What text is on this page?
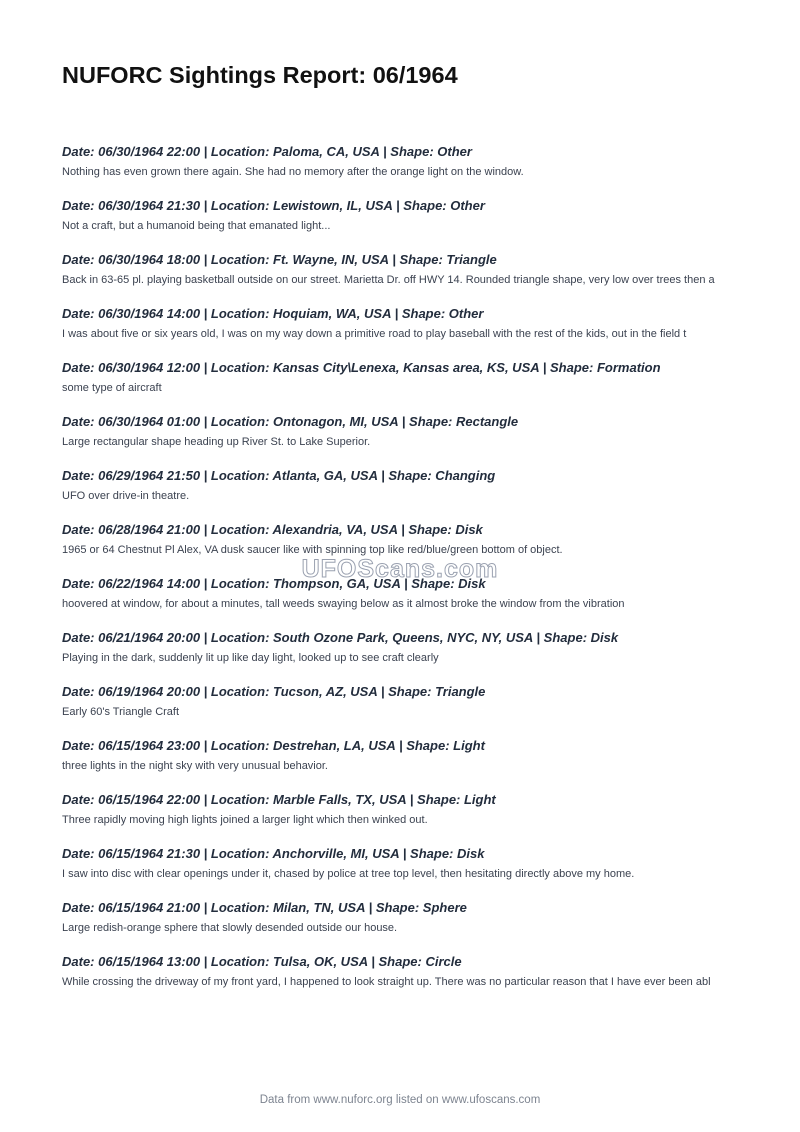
NUFORC Sightings Report: 06/1964
Date: 06/30/1964 22:00 | Location: Paloma, CA, USA | Shape: Other
Nothing has even grown there again. She had no memory after the orange light on the window.
Date: 06/30/1964 21:30 | Location: Lewistown, IL, USA | Shape: Other
Not a craft, but a humanoid being that emanated light...
Date: 06/30/1964 18:00 | Location: Ft. Wayne, IN, USA | Shape: Triangle
Back in 63-65 pl. playing basketball outside on our street. Marietta Dr. off HWY 14. Rounded triangle shape, very low over trees then a
Date: 06/30/1964 14:00 | Location: Hoquiam, WA, USA | Shape: Other
I was about five or six years old, I was on my way down a primitive road to play baseball with the rest of the kids, out in the field t
Date: 06/30/1964 12:00 | Location: Kansas City\Lenexa, Kansas area, KS, USA | Shape: Formation
some type of aircraft
Date: 06/30/1964 01:00 | Location: Ontonagon, MI, USA | Shape: Rectangle
Large rectangular shape heading up River St. to Lake Superior.
Date: 06/29/1964 21:50 | Location: Atlanta, GA, USA | Shape: Changing
UFO over drive-in theatre.
Date: 06/28/1964 21:00 | Location: Alexandria, VA, USA | Shape: Disk
1965 or 64 Chestnut Pl Alex, VA dusk saucer like with spinning top like red/blue/green bottom of object.
Date: 06/22/1964 14:00 | Location: Thompson, GA, USA | Shape: Disk
hoovered at window, for about a minutes, tall weeds swaying below as it almost broke the window from the vibration
Date: 06/21/1964 20:00 | Location: South Ozone Park, Queens, NYC, NY, USA | Shape: Disk
Playing in the dark, suddenly lit up like day light, looked up to see craft clearly
Date: 06/19/1964 20:00 | Location: Tucson, AZ, USA | Shape: Triangle
Early 60's Triangle Craft
Date: 06/15/1964 23:00 | Location: Destrehan, LA, USA | Shape: Light
three lights in the night sky with very unusual behavior.
Date: 06/15/1964 22:00 | Location: Marble Falls, TX, USA | Shape: Light
Three rapidly moving high lights joined a larger light which then winked out.
Date: 06/15/1964 21:30 | Location: Anchorville, MI, USA | Shape: Disk
I saw into disc with clear openings under it, chased by police at tree top level, then hesitating directly above my home.
Date: 06/15/1964 21:00 | Location: Milan, TN, USA | Shape: Sphere
Large redish-orange sphere that slowly desended outside our house.
Date: 06/15/1964 13:00 | Location: Tulsa, OK, USA | Shape: Circle
While crossing the driveway of my front yard, I happened to look straight up. There was no particular reason that I have ever been abl
UFOScans.com
Data from www.nuforc.org listed on www.ufoscans.com
